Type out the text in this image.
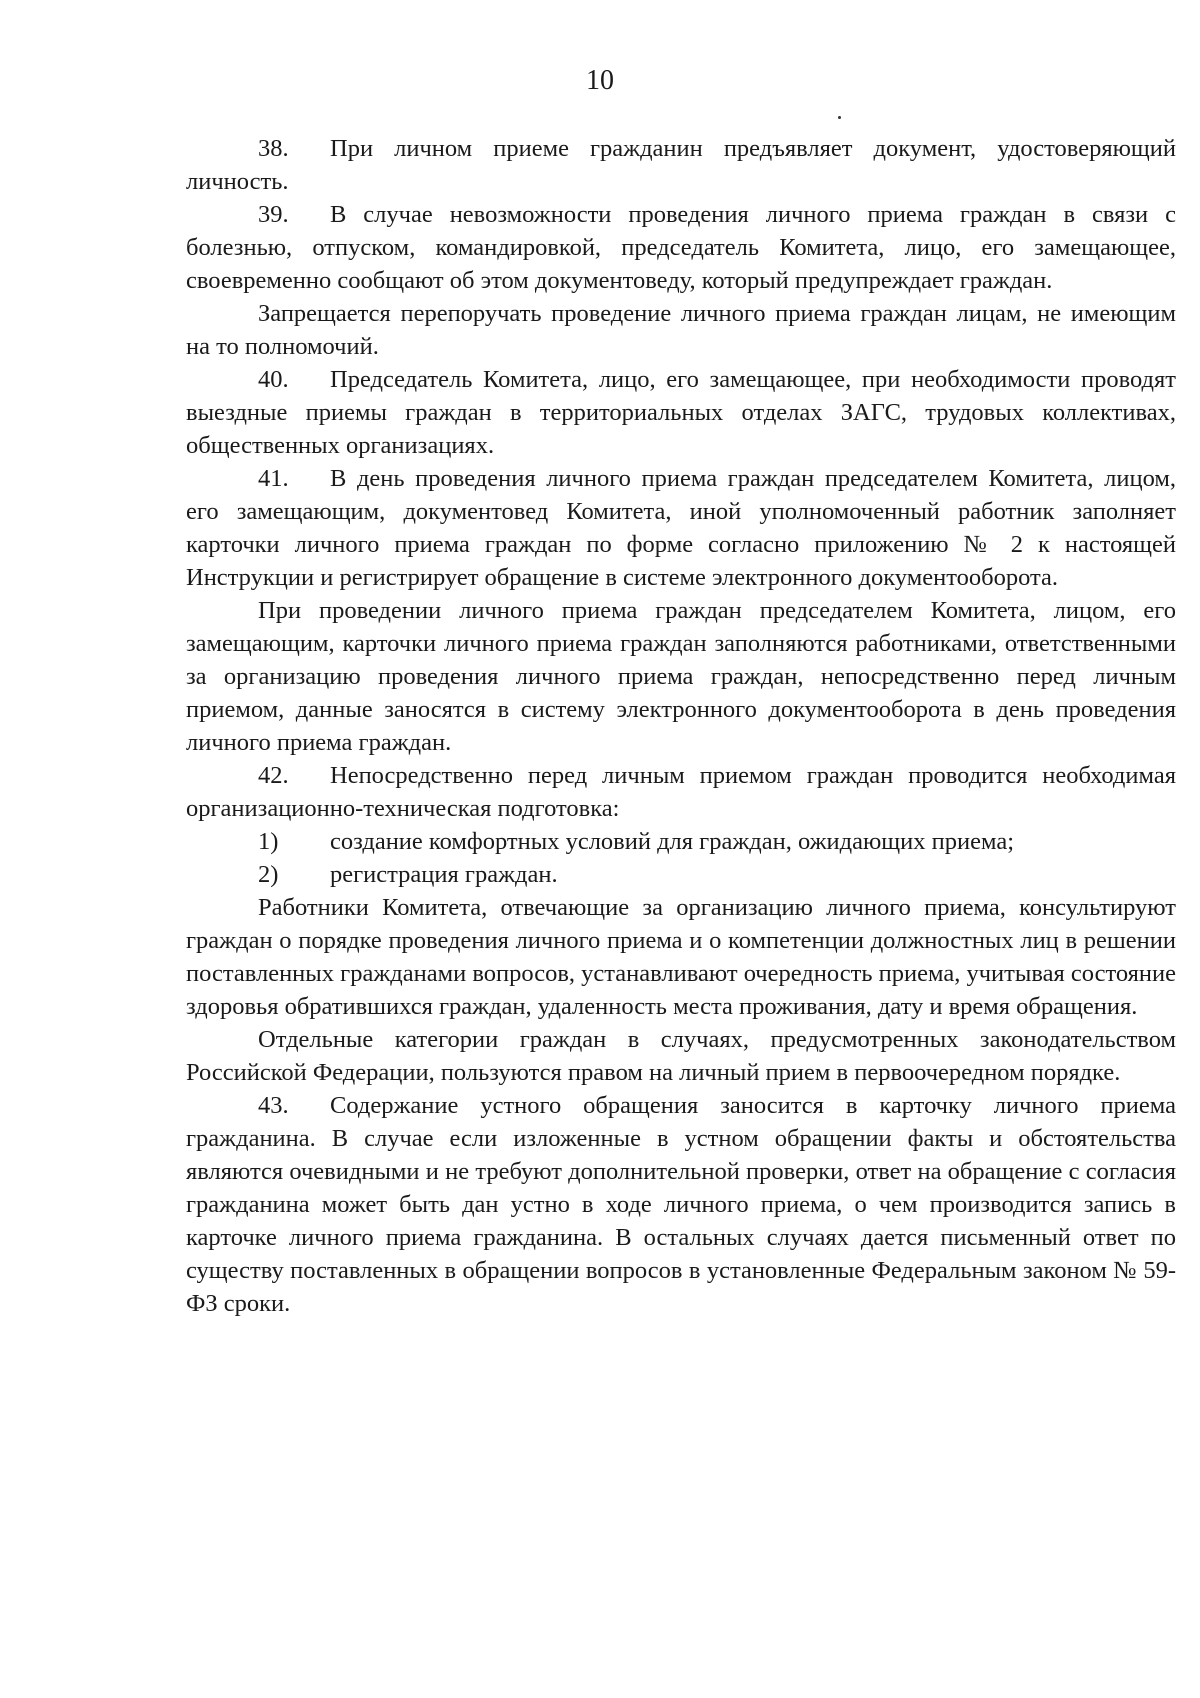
10

38. При личном приеме гражданин предъявляет документ, удостоверяющий личность.

39. В случае невозможности проведения личного приема граждан в связи с болезнью, отпуском, командировкой, председатель Комитета, лицо, его замещающее, своевременно сообщают об этом документоведу, который предупреждает граждан.

Запрещается перепоручать проведение личного приема граждан лицам, не имеющим на то полномочий.

40. Председатель Комитета, лицо, его замещающее, при необходимости проводят выездные приемы граждан в территориальных отделах ЗАГС, трудовых коллективах, общественных организациях.

41. В день проведения личного приема граждан председателем Комитета, лицом, его замещающим, документовед Комитета, иной уполномоченный работник заполняет карточки личного приема граждан по форме согласно приложению № 2 к настоящей Инструкции и регистрирует обращение в системе электронного документооборота.

При проведении личного приема граждан председателем Комитета, лицом, его замещающим, карточки личного приема граждан заполняются работниками, ответственными за организацию проведения личного приема граждан, непосредственно перед личным приемом, данные заносятся в систему электронного документооборота в день проведения личного приема граждан.

42. Непосредственно перед личным приемом граждан проводится необходимая организационно-техническая подготовка:

1)	создание комфортных условий для граждан, ожидающих приема;
2)	регистрация граждан.

Работники Комитета, отвечающие за организацию личного приема, консультируют граждан о порядке проведения личного приема и о компетенции должностных лиц в решении поставленных гражданами вопросов, устанавливают очередность приема, учитывая состояние здоровья обратившихся граждан, удаленность места проживания, дату и время обращения.

Отдельные категории граждан в случаях, предусмотренных законодательством Российской Федерации, пользуются правом на личный прием в первоочередном порядке.

43. Содержание устного обращения заносится в карточку личного приема гражданина. В случае если изложенные в устном обращении факты и обстоятельства являются очевидными и не требуют дополнительной проверки, ответ на обращение с согласия гражданина может быть дан устно в ходе личного приема, о чем производится запись в карточке личного приема гражданина. В остальных случаях дается письменный ответ по существу поставленных в обращении вопросов в установленные Федеральным законом № 59-ФЗ сроки.
